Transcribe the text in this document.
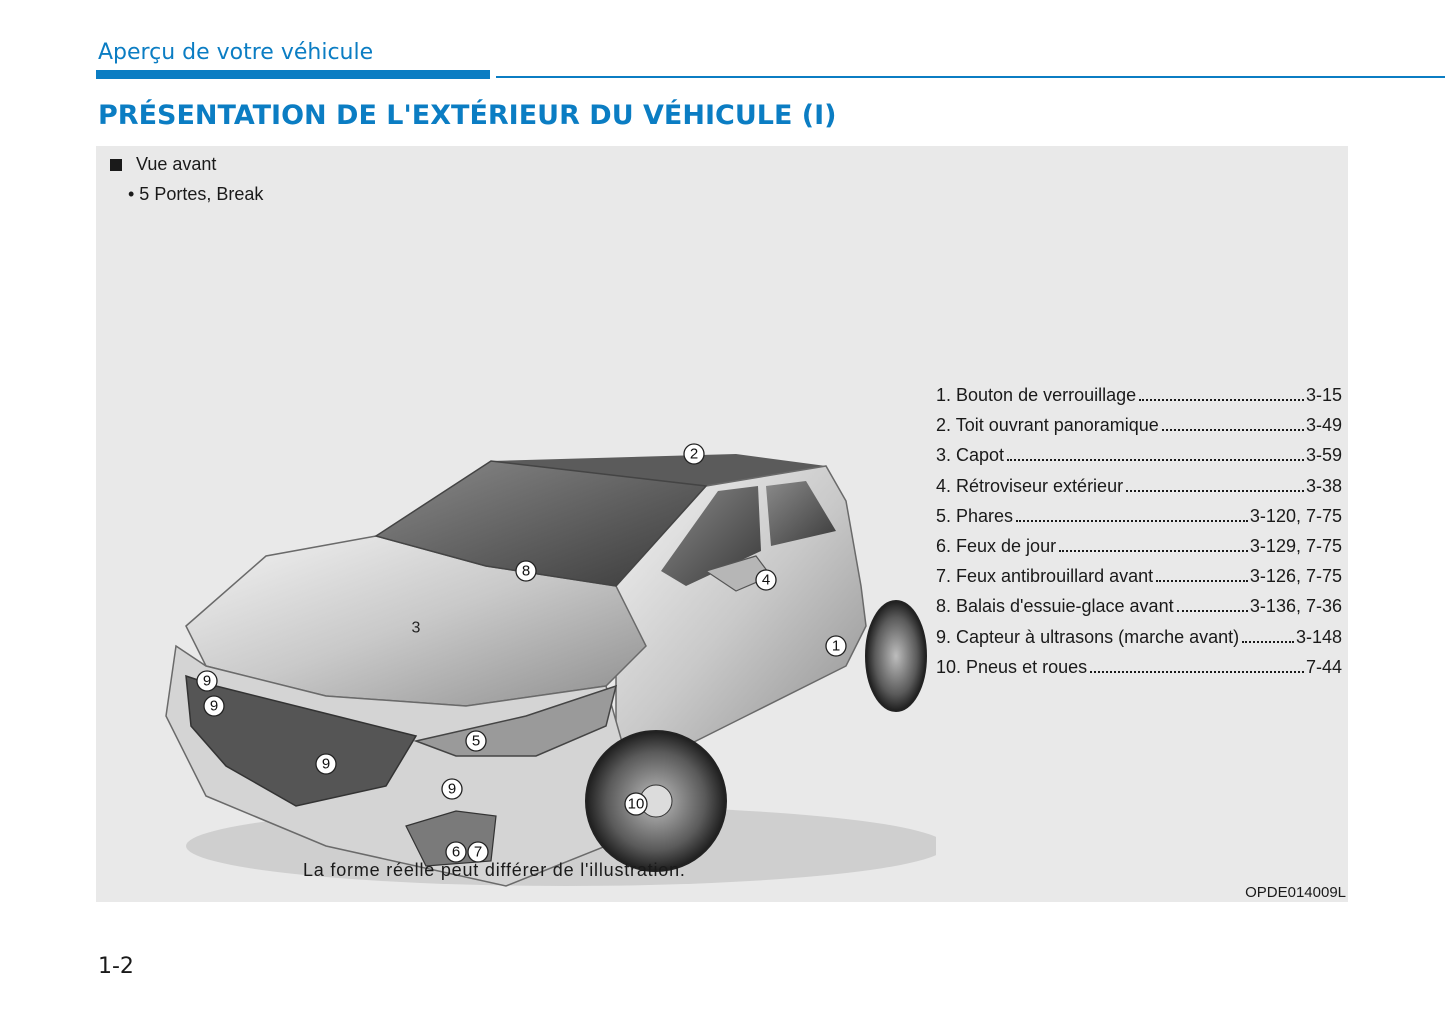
Aperçu de votre véhicule
PRÉSENTATION DE L'EXTÉRIEUR DU VÉHICULE (I)
Vue avant
• 5 Portes, Break
1
2
3
4
5
6 7
8
9
9
9
9
10
1. Bouton de verrouillage	3-15
2. Toit ouvrant panoramique	3-49
3. Capot	3-59
4. Rétroviseur extérieur	3-38
5. Phares	3-120, 7-75
6. Feux de jour	3-129, 7-75
7. Feux antibrouillard avant	3-126, 7-75
8. Balais d'essuie-glace avant	3-136, 7-36
9. Capteur à ultrasons (marche avant)	3-148
10. Pneus et roues	7-44
La forme réelle peut différer de l'illustration.
OPDE014009L
1-2
